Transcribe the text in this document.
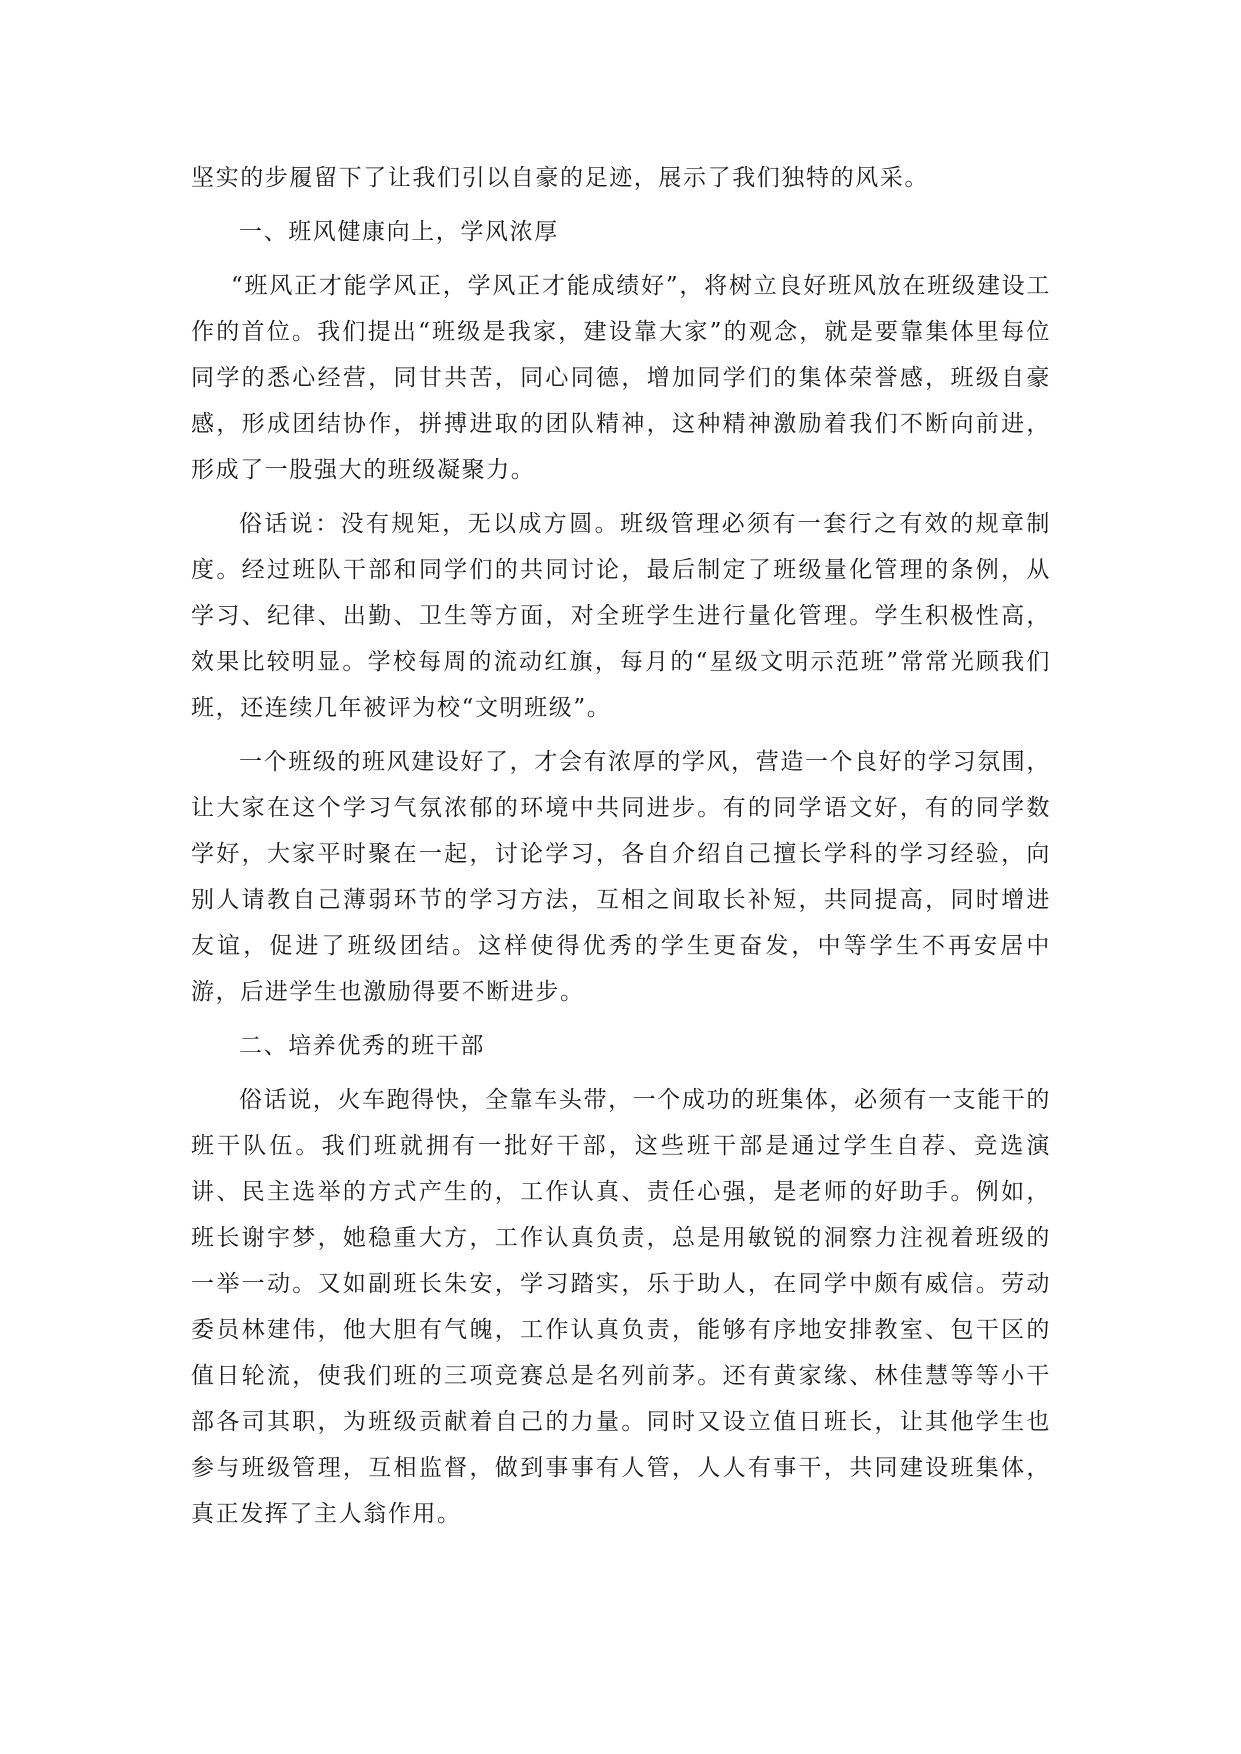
坚实的步履留下了让我们引以自豪的足迹，展示了我们独特的风采。

一、班风健康向上，学风浓厚

“班风正才能学风正，学风正才能成绩好”，将树立良好班风放在班级建设工作的首位。我们提出“班级是我家，建设靠大家”的观念，就是要靠集体里每位同学的悉心经营，同甘共苦，同心同德，增加同学们的集体荣誉感，班级自豪感，形成团结协作，拼搏进取的团队精神，这种精神激励着我们不断向前进，形成了一股强大的班级凝聚力。

俗话说：没有规矩，无以成方圆。班级管理必须有一套行之有效的规章制度。经过班队干部和同学们的共同讨论，最后制定了班级量化管理的条例，从学习、纪律、出勤、卫生等方面，对全班学生进行量化管理。学生积极性高，效果比较明显。学校每周的流动红旗，每月的“星级文明示范班”常常光顾我们班，还连续几年被评为校“文明班级”。

一个班级的班风建设好了，才会有浓厚的学风，营造一个良好的学习氛围，让大家在这个学习气氛浓郁的环境中共同进步。有的同学语文好，有的同学数学好，大家平时聚在一起，讨论学习，各自介绍自己擅长学科的学习经验，向别人请教自己薄弱环节的学习方法，互相之间取长补短，共同提高，同时增进友谊，促进了班级团结。这样使得优秀的学生更奋发，中等学生不再安居中游，后进学生也激励得要不断进步。

二、培养优秀的班干部

俗话说，火车跑得快，全靠车头带，一个成功的班集体，必须有一支能干的班干队伍。我们班就拥有一批好干部，这些班干部是通过学生自荐、竞选演讲、民主选举的方式产生的，工作认真、责任心强，是老师的好助手。例如，班长谢宇梦，她稳重大方，工作认真负责，总是用敏锐的洞察力注视着班级的一举一动。又如副班长朱安，学习踏实，乐于助人，在同学中颇有威信。劳动委员林建伟，他大胆有气魄，工作认真负责，能够有序地安排教室、包干区的值日轮流，使我们班的三项竞赛总是名列前茅。还有黄家缘、林佳慧等等小干部各司其职，为班级贡献着自己的力量。同时又设立值日班长，让其他学生也参与班级管理，互相监督，做到事事有人管，人人有事干，共同建设班集体，真正发挥了主人翁作用。
